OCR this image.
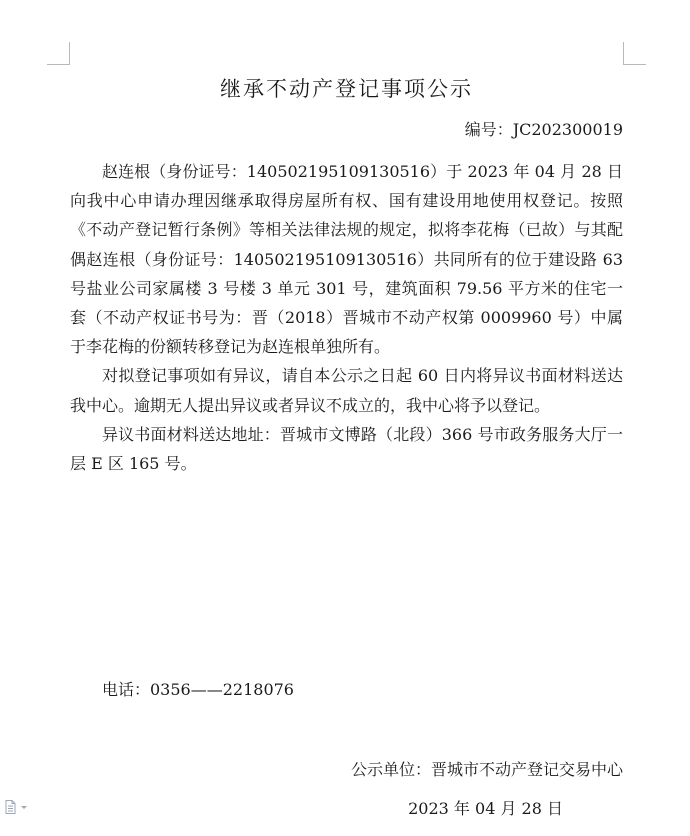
继承不动产登记事项公示
编号：JC202300019

赵连根（身份证号：140502195109130516）于 2023 年 04 月 28 日向我中心申请办理因继承取得房屋所有权、国有建设用地使用权登记。按照《不动产登记暂行条例》等相关法律法规的规定，拟将李花梅（已故）与其配偶赵连根（身份证号：140502195109130516）共同所有的位于建设路 63 号盐业公司家属楼 3 号楼 3 单元 301 号，建筑面积 79.56 平方米的住宅一套（不动产权证书号为：晋（2018）晋城市不动产权第 0009960 号）中属于李花梅的份额转移登记为赵连根单独所有。

对拟登记事项如有异议，请自本公示之日起 60 日内将异议书面材料送达我中心。逾期无人提出异议或者异议不成立的，我中心将予以登记。

异议书面材料送达地址：晋城市文博路（北段）366 号市政务服务大厅一层 E 区 165 号。

电话：0356——2218076
公示单位：晋城市不动产登记交易中心
2023 年 04 月 28 日
